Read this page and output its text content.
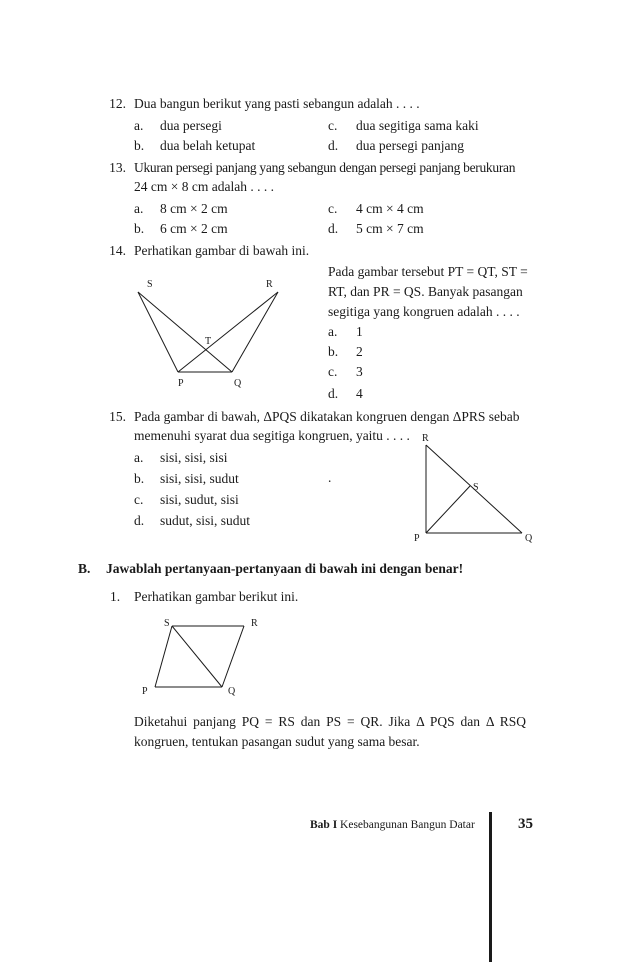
12. Dua bangun berikut yang pasti sebangun adalah . . . .
a. dua persegi
b. dua belah ketupat
c. dua segitiga sama kaki
d. dua persegi panjang
13. Ukuran persegi panjang yang sebangun dengan persegi panjang berukuran
24 cm × 8 cm adalah . . . .
a. 8 cm × 2 cm
b. 6 cm × 2 cm
c. 4 cm × 4 cm
d. 5 cm × 7 cm
14. Perhatikan gambar di bawah ini.
S	R
T
P	Q
Pada gambar tersebut PT = QT, ST =
RT, dan PR = QS. Banyak pasangan
segitiga yang kongruen adalah . . . .
a. 1
b. 2
c. 3
d. 4
15. Pada gambar di bawah, ΔPQS dikatakan kongruen dengan ΔPRS sebab
memenuhi syarat dua segitiga kongruen, yaitu . . . .
a. sisi, sisi, sisi
b. sisi, sisi, sudut
c. sisi, sudut, sisi
d. sudut, sisi, sudut
.
R
S
P	Q
B. Jawablah pertanyaan-pertanyaan di bawah ini dengan benar!
1. Perhatikan gambar berikut ini.
S	R
P	Q
Diketahui panjang PQ = RS dan PS = QR. Jika Δ PQS dan Δ RSQ
kongruen, tentukan pasangan sudut yang sama besar.
Bab I Kesebangunan Bangun Datar	35
